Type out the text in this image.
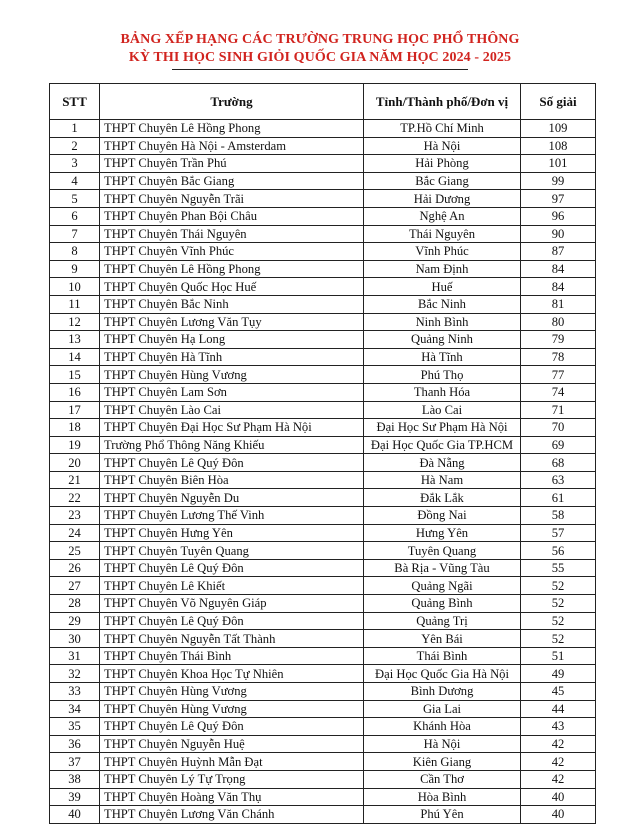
BẢNG XẾP HẠNG CÁC TRƯỜNG TRUNG HỌC PHỔ THÔNG
KỲ THI HỌC SINH GIỎI QUỐC GIA NĂM HỌC 2024 - 2025
STT	Trường	Tỉnh/Thành phố/Đơn vị	Số giải
1	THPT Chuyên Lê Hồng Phong	TP.Hồ Chí Minh	109
2	THPT Chuyên Hà Nội - Amsterdam	Hà Nội	108
3	THPT Chuyên Trần Phú	Hải Phòng	101
4	THPT Chuyên Bắc Giang	Bắc Giang	99
5	THPT Chuyên Nguyễn Trãi	Hải Dương	97
6	THPT Chuyên Phan Bội Châu	Nghệ An	96
7	THPT Chuyên Thái Nguyên	Thái Nguyên	90
8	THPT Chuyên Vĩnh Phúc	Vĩnh Phúc	87
9	THPT Chuyên Lê Hồng Phong	Nam Định	84
10	THPT Chuyên Quốc Học Huế	Huế	84
11	THPT Chuyên Bắc Ninh	Bắc Ninh	81
12	THPT Chuyên Lương Văn Tụy	Ninh Bình	80
13	THPT Chuyên Hạ Long	Quảng Ninh	79
14	THPT Chuyên Hà Tĩnh	Hà Tĩnh	78
15	THPT Chuyên Hùng Vương	Phú Thọ	77
16	THPT Chuyên Lam Sơn	Thanh Hóa	74
17	THPT Chuyên Lào Cai	Lào Cai	71
18	THPT Chuyên Đại Học Sư Phạm Hà Nội	Đại Học Sư Phạm Hà Nội	70
19	Trường Phổ Thông Năng Khiếu	Đại Học Quốc Gia TP.HCM	69
20	THPT Chuyên Lê Quý Đôn	Đà Nẵng	68
21	THPT Chuyên Biên Hòa	Hà Nam	63
22	THPT Chuyên Nguyễn Du	Đắk Lắk	61
23	THPT Chuyên Lương Thế Vinh	Đồng Nai	58
24	THPT Chuyên Hưng Yên	Hưng Yên	57
25	THPT Chuyên Tuyên Quang	Tuyên Quang	56
26	THPT Chuyên Lê Quý Đôn	Bà Rịa - Vũng Tàu	55
27	THPT Chuyên Lê Khiết	Quảng Ngãi	52
28	THPT Chuyên Võ Nguyên Giáp	Quảng Bình	52
29	THPT Chuyên Lê Quý Đôn	Quảng Trị	52
30	THPT Chuyên Nguyễn Tất Thành	Yên Bái	52
31	THPT Chuyên Thái Bình	Thái Bình	51
32	THPT Chuyên Khoa Học Tự Nhiên	Đại Học Quốc Gia Hà Nội	49
33	THPT Chuyên Hùng Vương	Bình Dương	45
34	THPT Chuyên Hùng Vương	Gia Lai	44
35	THPT Chuyên Lê Quý Đôn	Khánh Hòa	43
36	THPT Chuyên Nguyễn Huệ	Hà Nội	42
37	THPT Chuyên Huỳnh Mẫn Đạt	Kiên Giang	42
38	THPT Chuyên Lý Tự Trọng	Cần Thơ	42
39	THPT Chuyên Hoàng Văn Thụ	Hòa Bình	40
40	THPT Chuyên Lương Văn Chánh	Phú Yên	40
